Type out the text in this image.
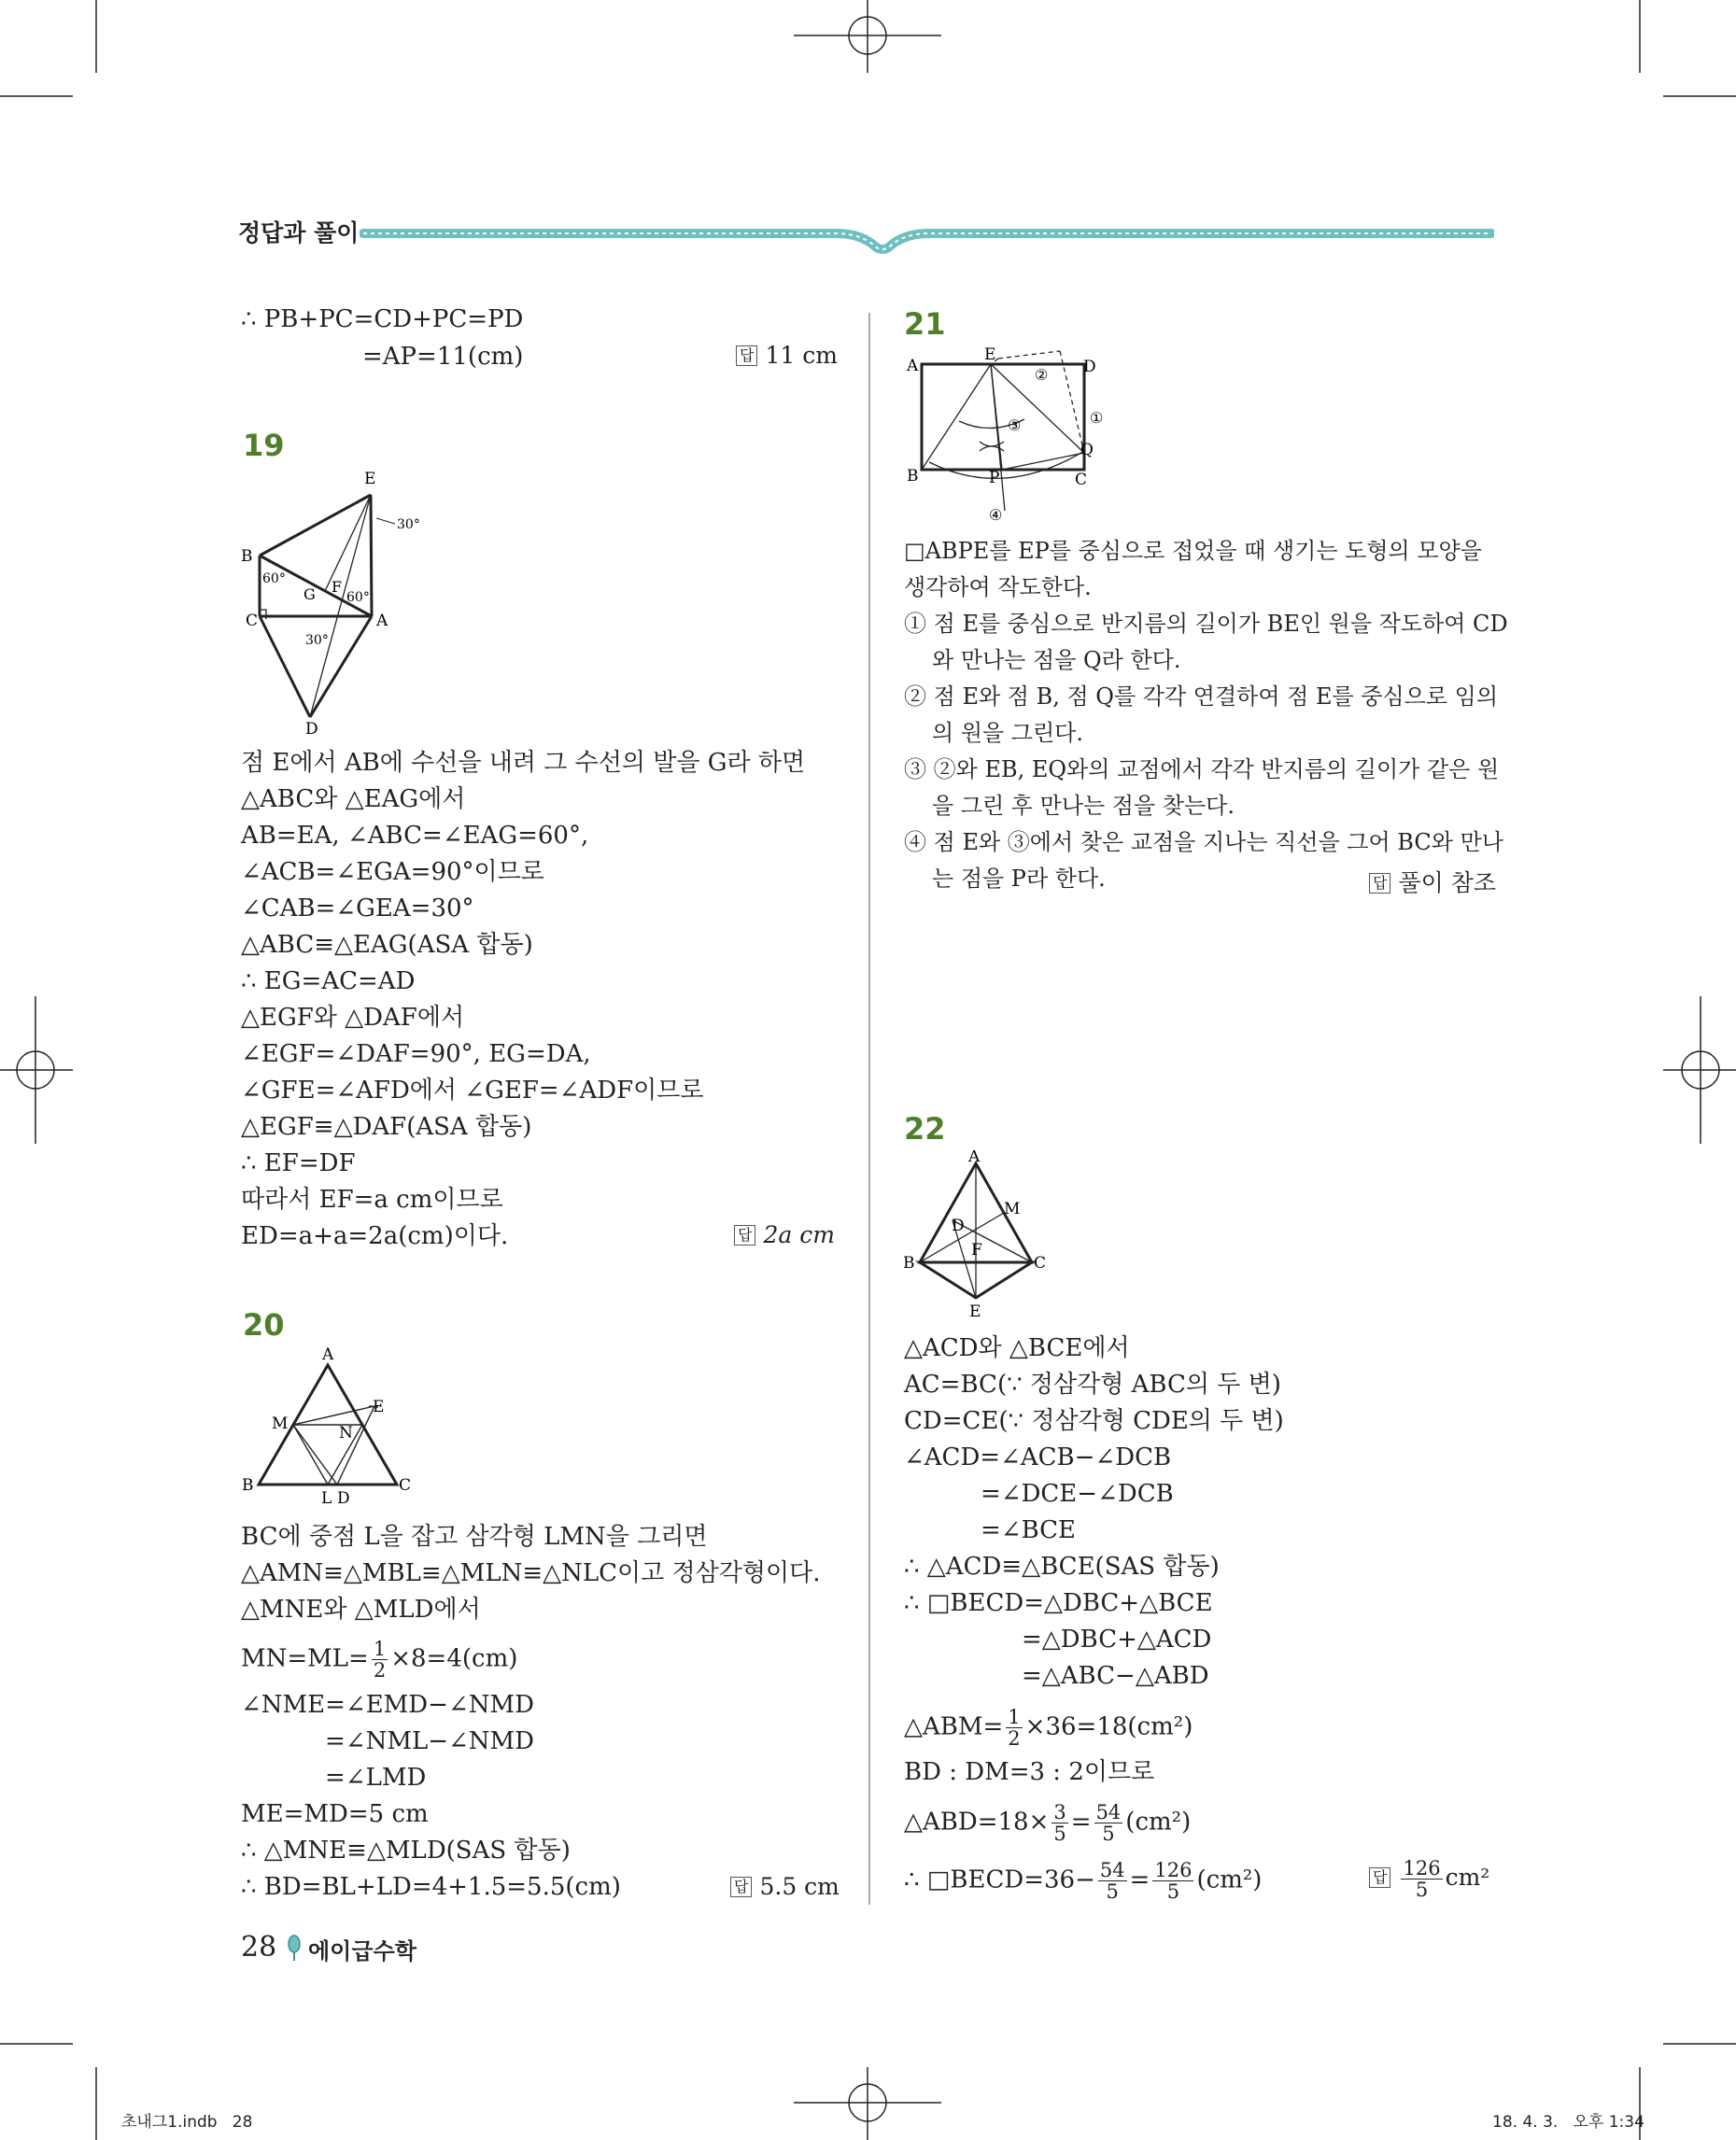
정답과 풀이
∴ PB+PC=CD+PC=PD
=AP=11(cm)	답 11 cm
19
E
B
C	A
D
G F
30°
60°
60°
30°
점 E에서 AB에 수선을 내려 그 수선의 발을 G라 하면
△ABC와 △EAG에서
AB=EA, ∠ABC=∠EAG=60°,
∠ACB=∠EGA=90°이므로
∠CAB=∠GEA=30°
△ABC≡△EAG(ASA 합동)
∴ EG=AC=AD
△EGF와 △DAF에서
∠EGF=∠DAF=90°, EG=DA,
∠GFE=∠AFD에서 ∠GEF=∠ADF이므로
△EGF≡△DAF(ASA 합동)
∴ EF=DF
따라서 EF=a cm이므로
ED=a+a=2a(cm)이다.	답 2a cm
20
A
B	C
M	N
E
L D
BC에 중점 L을 잡고 삼각형 LMN을 그리면
△AMN≡△MBL≡△MLN≡△NLC이고 정삼각형이다.
△MNE와 △MLD에서
$MN=ML= \frac{1}{2} \times 8=4(cm)$
∠NME=∠EMD−∠NMD
=∠NML−∠NMD
=∠LMD
ME=MD=5 cm
∴ △MNE≡△MLD(SAS 합동)
∴ BD=BL+LD=4+1.5=5.5(cm)	답 5.5 cm
21
A
E
D
B	P	C
Q
①
②
③
④
□ABPE를 EP를 중심으로 접었을 때 생기는 도형의 모양을
생각하여 작도한다.
① 점 E를 중심으로 반지름의 길이가 BE인 원을 작도하여 CD
와 만나는 점을 Q라 한다.
② 점 E와 점 B, 점 Q를 각각 연결하여 점 E를 중심으로 임의
의 원을 그린다.
③ ②와 EB, EQ와의 교점에서 각각 반지름의 길이가 같은 원
을 그린 후 만나는 점을 찾는다.
④ 점 E와 ③에서 찾은 교점을 지나는 직선을 그어 BC와 만나
는 점을 P라 한다.	답 풀이 참조
22
A
M
D
F
B	C
E
△ACD와 △BCE에서
AC=BC(∵ 정삼각형 ABC의 두 변)
CD=CE(∵ 정삼각형 CDE의 두 변)
∠ACD=∠ACB−∠DCB
=∠DCE−∠DCB
=∠BCE
∴ △ACD≡△BCE(SAS 합동)
∴ □BECD=△DBC+△BCE
=△DBC+△ACD
=△ABC−△ABD
△ABM= $\frac{1}{2} \times 36=18(cm^2)$
BD : DM=3 : 2이므로
△ABD=18× $\frac{3}{5} = \frac{54}{5} (cm^2)$
∴ □BECD=36− $\frac{54}{5} = \frac{126}{5} (cm^2)$	답 $\frac{126}{5} cm^2$
28 에이급수학
초내그1.indb   28	18. 4. 3.   오후 1:34
